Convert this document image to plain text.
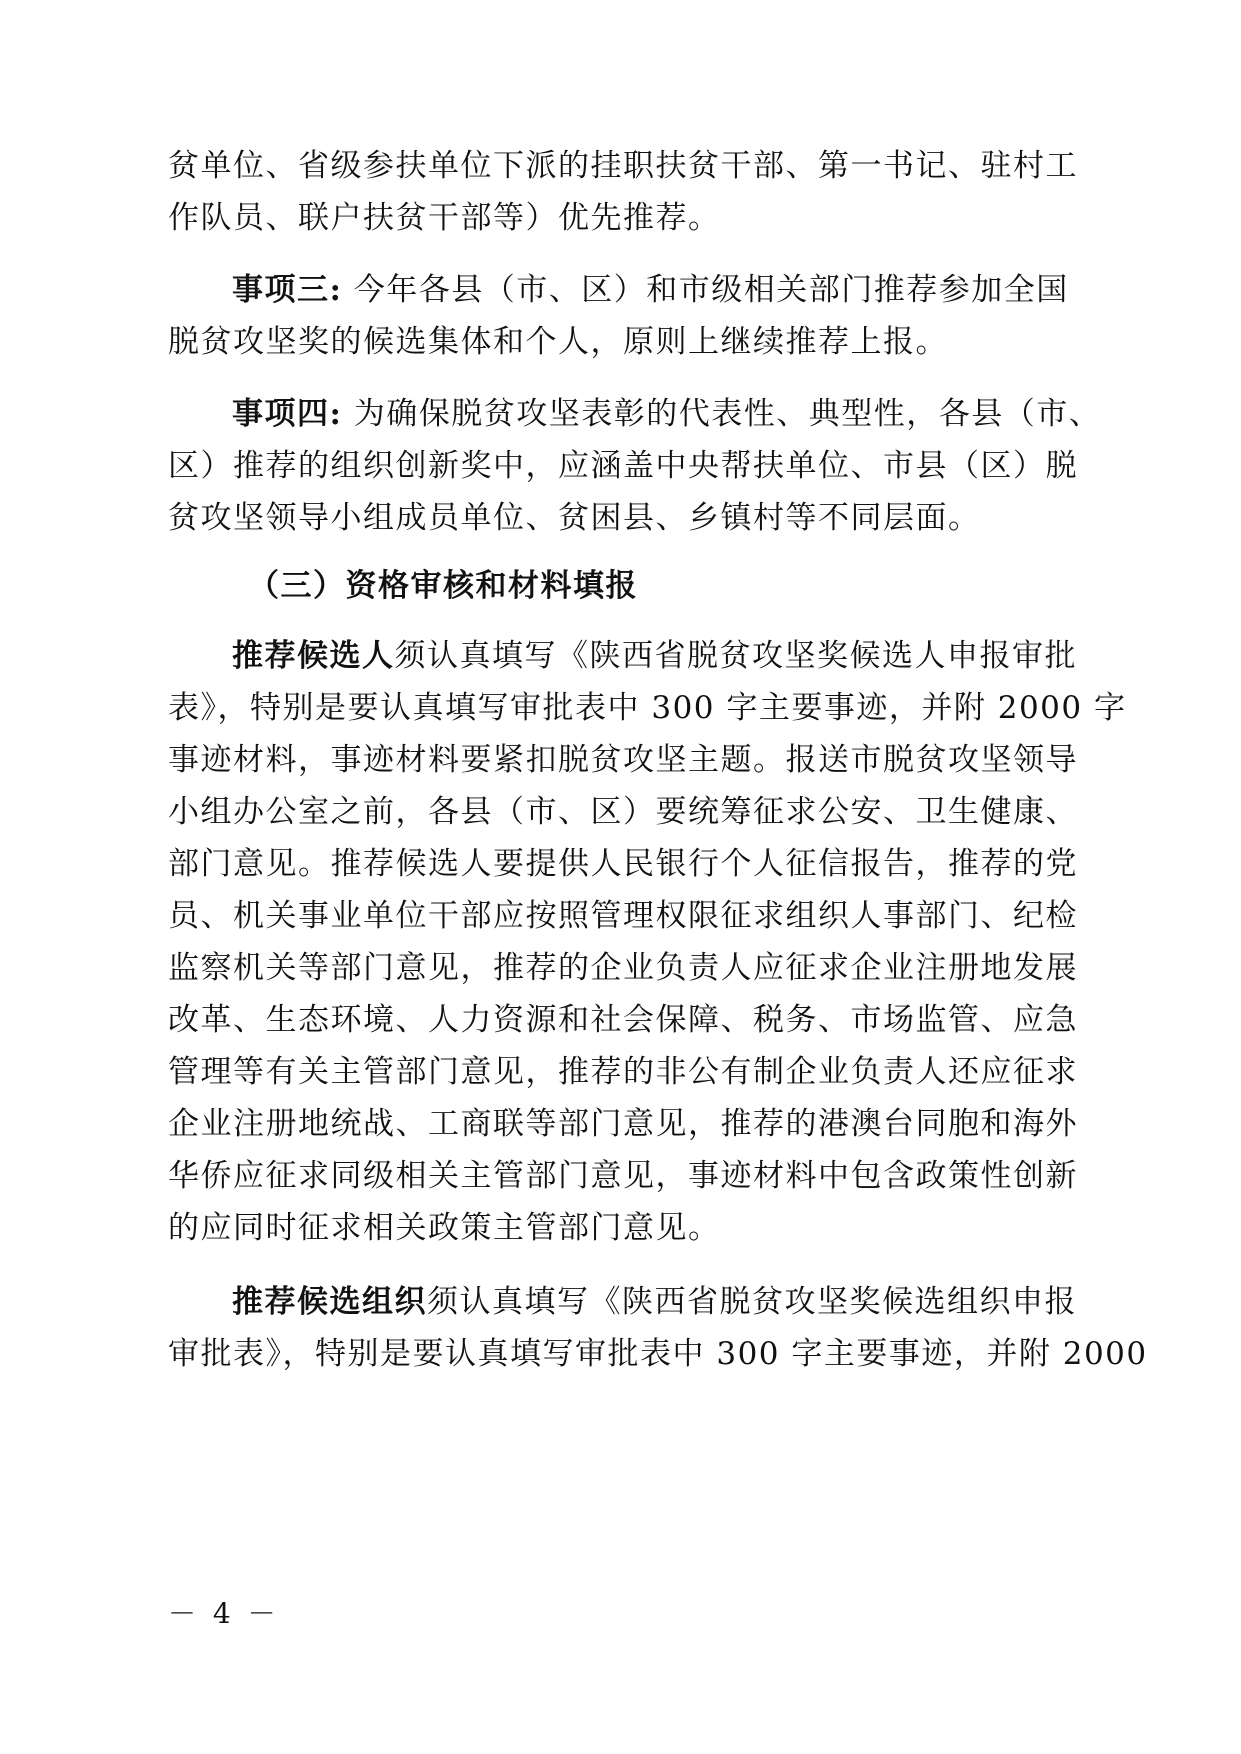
贫单位、省级参扶单位下派的挂职扶贫干部、第一书记、驻村工
作队员、联户扶贫干部等）优先推荐。
事项三: 今年各县（市、区）和市级相关部门推荐参加全国
脱贫攻坚奖的候选集体和个人，原则上继续推荐上报。
事项四: 为确保脱贫攻坚表彰的代表性、典型性，各县（市、
区）推荐的组织创新奖中，应涵盖中央帮扶单位、市县（区）脱
贫攻坚领导小组成员单位、贫困县、乡镇村等不同层面。
（三）资格审核和材料填报
推荐候选人须认真填写《陕西省脱贫攻坚奖候选人申报审批
表》，特别是要认真填写审批表中 300 字主要事迹，并附 2000 字
事迹材料，事迹材料要紧扣脱贫攻坚主题。报送市脱贫攻坚领导
小组办公室之前，各县（市、区）要统筹征求公安、卫生健康、
部门意见。推荐候选人要提供人民银行个人征信报告，推荐的党
员、机关事业单位干部应按照管理权限征求组织人事部门、纪检
监察机关等部门意见，推荐的企业负责人应征求企业注册地发展
改革、生态环境、人力资源和社会保障、税务、市场监管、应急
管理等有关主管部门意见，推荐的非公有制企业负责人还应征求
企业注册地统战、工商联等部门意见，推荐的港澳台同胞和海外
华侨应征求同级相关主管部门意见，事迹材料中包含政策性创新
的应同时征求相关政策主管部门意见。
推荐候选组织须认真填写《陕西省脱贫攻坚奖候选组织申报
审批表》，特别是要认真填写审批表中 300 字主要事迹，并附 2000
－ 4 －
